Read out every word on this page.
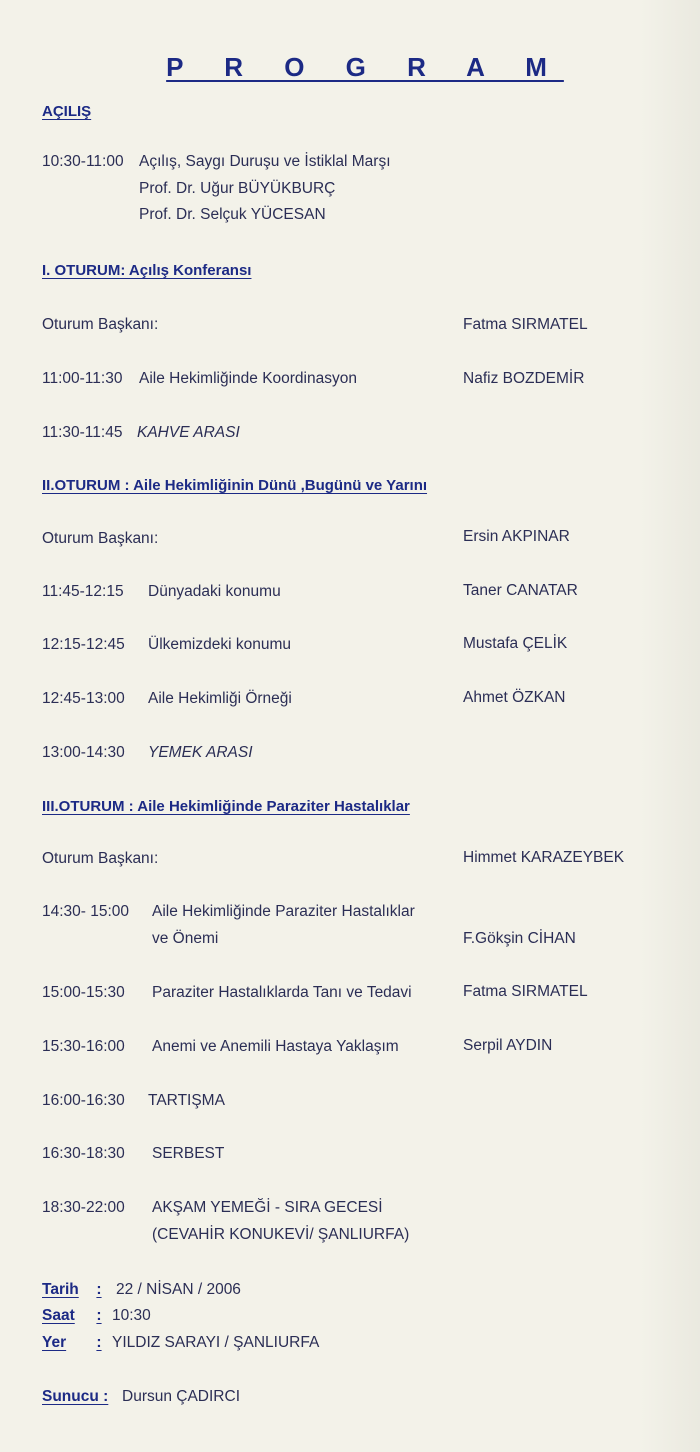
P R O G R A M
AÇILIŞ
10:30-11:00 Açılış, Saygı Duruşu ve İstiklal Marşı
Prof. Dr. Uğur BÜYÜKBURÇ
Prof. Dr. Selçuk YÜCESAN
I. OTURUM: Açılış Konferansı
Oturum Başkanı:	Fatma SIRMATEL
11:00-11:30 Aile Hekimliğinde Koordinasyon	Nafiz BOZDEMİR
11:30-11:45 KAHVE ARASI
II.OTURUM : Aile Hekimliğinin Dünü ,Bugünü ve Yarını
Oturum Başkanı:	Ersin AKPINAR
11:45-12:15 Dünyadaki konumu	Taner CANATAR
12:15-12:45 Ülkemizdeki konumu	Mustafa ÇELİK
12:45-13:00 Aile Hekimliği Örneği	Ahmet ÖZKAN
13:00-14:30 YEMEK ARASI
III.OTURUM : Aile Hekimliğinde Paraziter Hastalıklar
Oturum Başkanı:	Himmet KARAZEYBEK
14:30- 15:00 Aile Hekimliğinde Paraziter Hastalıklar
ve Önemi	F.Gökşin CİHAN
15:00-15:30 Paraziter Hastalıklarda Tanı ve Tedavi	Fatma SIRMATEL
15:30-16:00 Anemi ve Anemili Hastaya Yaklaşım	Serpil AYDIN
16:00-16:30 TARTIŞMA
16:30-18:30 SERBEST
18:30-22:00 AKŞAM YEMEĞİ - SIRA GECESİ
(CEVAHİR KONUKEVİ/ ŞANLIURFA)
Tarih : 22 / NİSAN / 2006
Saat : 10:30
Yer : YILDIZ SARAYI / ŞANLIURFA
Sunucu : Dursun ÇADIRCI
